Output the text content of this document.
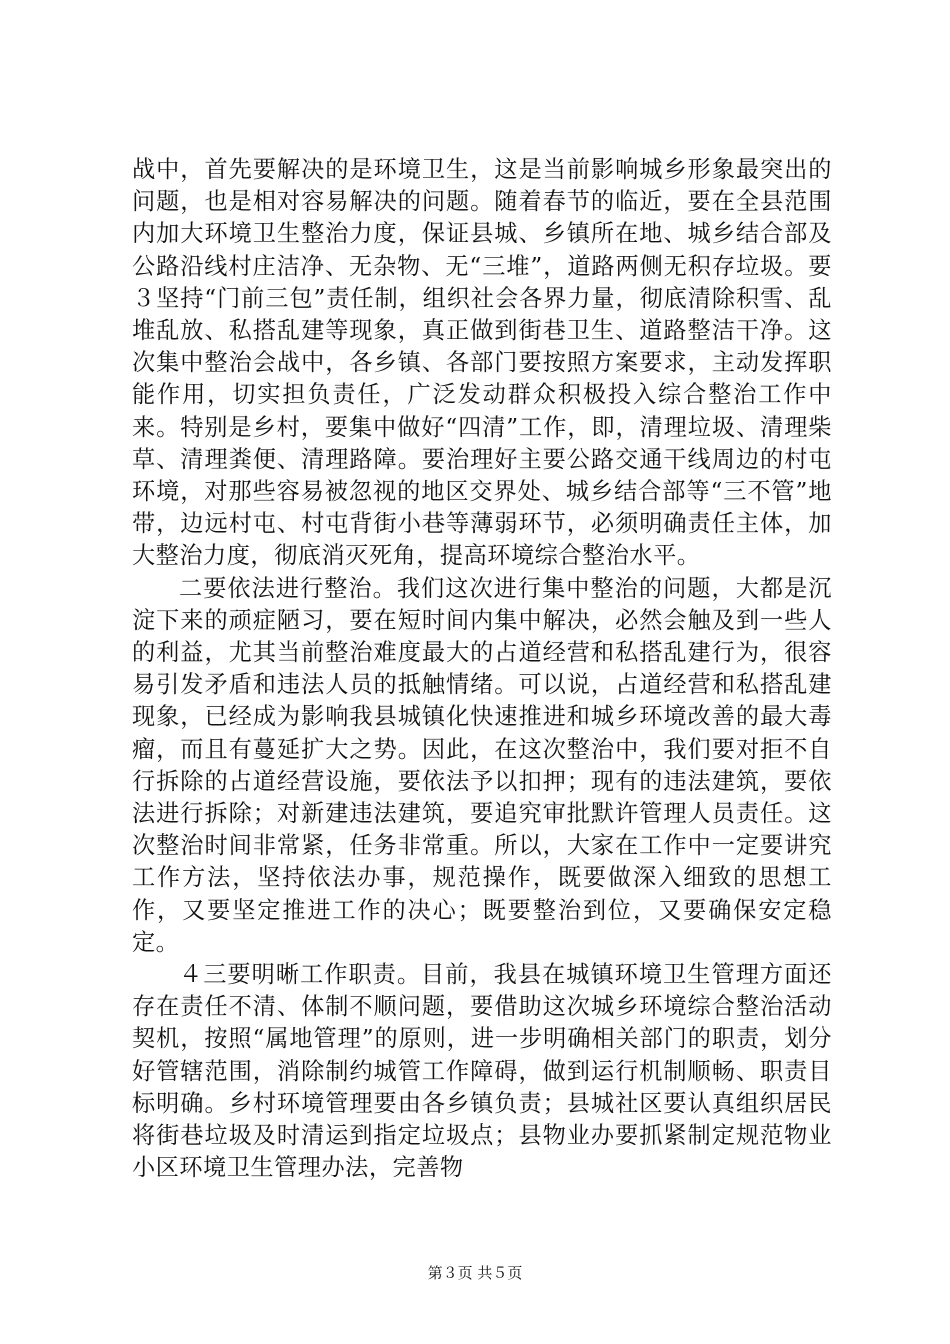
战中，首先要解决的是环境卫生，这是当前影响城乡形象最突出的问题，也是相对容易解决的问题。随着春节的临近，要在全县范围内加大环境卫生整治力度，保证县城、乡镇所在地、城乡结合部及公路沿线村庄洁净、无杂物、无“三堆”，道路两侧无积存垃圾。要３坚持“门前三包”责任制，组织社会各界力量，彻底清除积雪、乱堆乱放、私搭乱建等现象，真正做到街巷卫生、道路整洁干净。这次集中整治会战中，各乡镇、各部门要按照方案要求，主动发挥职能作用，切实担负责任，广泛发动群众积极投入综合整治工作中来。特别是乡村，要集中做好“四清”工作，即，清理垃圾、清理柴草、清理粪便、清理路障。要治理好主要公路交通干线周边的村屯环境，对那些容易被忽视的地区交界处、城乡结合部等“三不管”地带，边远村屯、村屯背街小巷等薄弱环节，必须明确责任主体，加大整治力度，彻底消灭死角，提高环境综合整治水平。

二要依法进行整治。我们这次进行集中整治的问题，大都是沉淀下来的顽症陋习，要在短时间内集中解决，必然会触及到一些人的利益，尤其当前整治难度最大的占道经营和私搭乱建行为，很容易引发矛盾和违法人员的抵触情绪。可以说，占道经营和私搭乱建现象，已经成为影响我县城镇化快速推进和城乡环境改善的最大毒瘤，而且有蔓延扩大之势。因此，在这次整治中，我们要对拒不自行拆除的占道经营设施，要依法予以扣押；现有的违法建筑，要依法进行拆除；对新建违法建筑，要追究审批默许管理人员责任。这次整治时间非常紧，任务非常重。所以，大家在工作中一定要讲究工作方法，坚持依法办事，规范操作，既要做深入细致的思想工作，又要坚定推进工作的决心；既要整治到位，又要确保安定稳定。

４三要明晰工作职责。目前，我县在城镇环境卫生管理方面还存在责任不清、体制不顺问题，要借助这次城乡环境综合整治活动契机，按照“属地管理”的原则，进一步明确相关部门的职责，划分好管辖范围，消除制约城管工作障碍，做到运行机制顺畅、职责目标明确。乡村环境管理要由各乡镇负责；县城社区要认真组织居民将街巷垃圾及时清运到指定垃圾点；县物业办要抓紧制定规范物业小区环境卫生管理办法，完善物

第３页 共５页
